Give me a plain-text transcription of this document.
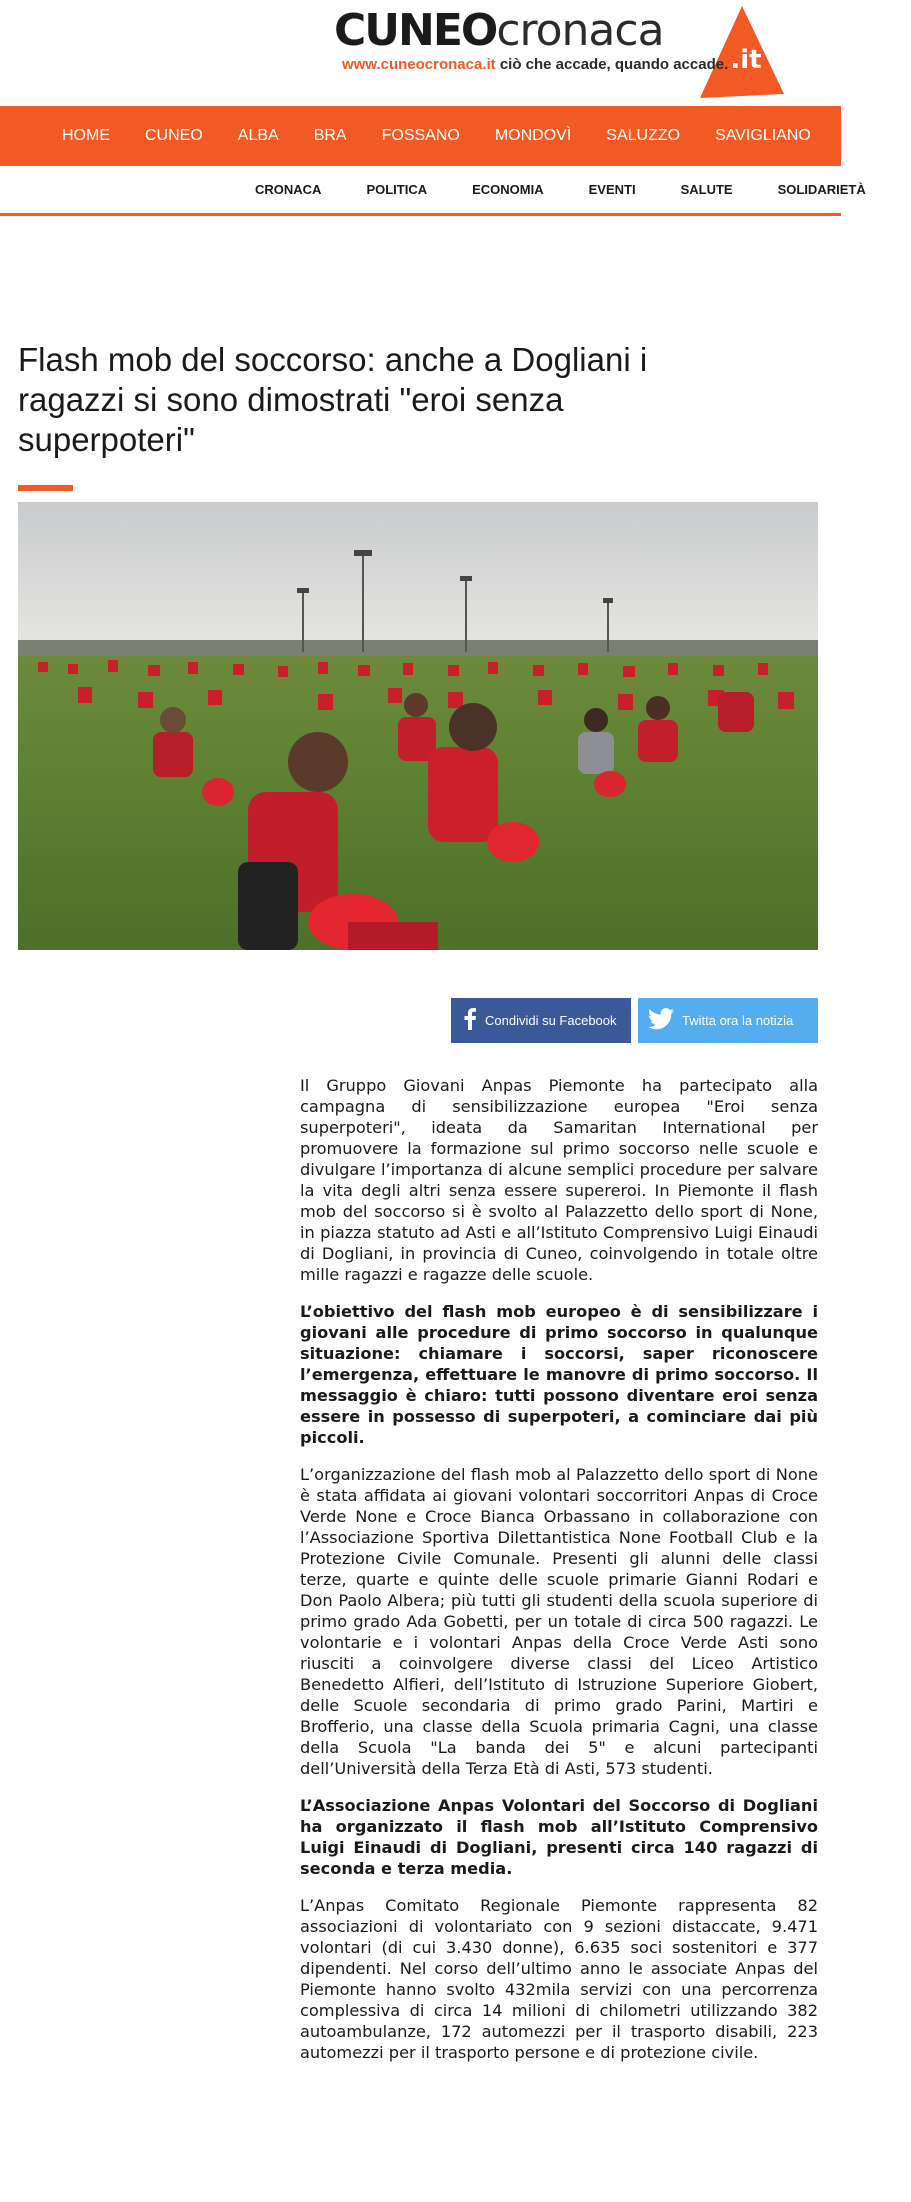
CUNEOcronaca
.it
www.cuneocronaca.it ciò che accade, quando accade.
HOME CUNEO ALBA BRA FOSSANO MONDOVÌ SALUZZO SAVIGLIANO MO
CRONACA	POLITICA	ECONOMIA	EVENTI	SALUTE	SOLIDARIETÀ
Flash mob del soccorso: anche a Dogliani i ragazzi si sono dimostrati "eroi senza superpoteri"
Condividi su Facebook	Twitta ora la notizia

Il Gruppo Giovani Anpas Piemonte ha partecipato alla campagna di sensibilizzazione europea "Eroi senza superpoteri", ideata da Samaritan International per promuovere la formazione sul primo soccorso nelle scuole e divulgare l’importanza di alcune semplici procedure per salvare la vita degli altri senza essere supereroi. In Piemonte il flash mob del soccorso si è svolto al Palazzetto dello sport di None, in piazza statuto ad Asti e all’Istituto Comprensivo Luigi Einaudi di Dogliani, in provincia di Cuneo, coinvolgendo in totale oltre mille ragazzi e ragazze delle scuole.

L’obiettivo del flash mob europeo è di sensibilizzare i giovani alle procedure di primo soccorso in qualunque situazione: chiamare i soccorsi, saper riconoscere l’emergenza, effettuare le manovre di primo soccorso. Il messaggio è chiaro: tutti possono diventare eroi senza essere in possesso di superpoteri, a cominciare dai più piccoli.

L’organizzazione del flash mob al Palazzetto dello sport di None è stata affidata ai giovani volontari soccorritori Anpas di Croce Verde None e Croce Bianca Orbassano in collaborazione con l’Associazione Sportiva Dilettantistica None Football Club e la Protezione Civile Comunale. Presenti gli alunni delle classi terze, quarte e quinte delle scuole primarie Gianni Rodari e Don Paolo Albera; più tutti gli studenti della scuola superiore di primo grado Ada Gobetti, per un totale di circa 500 ragazzi. Le volontarie e i volontari Anpas della Croce Verde Asti sono riusciti a coinvolgere diverse classi del Liceo Artistico Benedetto Alfieri, dell’Istituto di Istruzione Superiore Giobert, delle Scuole secondaria di primo grado Parini, Martiri e Brofferio, una classe della Scuola primaria Cagni, una classe della Scuola "La banda dei 5" e alcuni partecipanti dell’Università della Terza Età di Asti, 573 studenti.

L’Associazione Anpas Volontari del Soccorso di Dogliani ha organizzato il flash mob all’Istituto Comprensivo Luigi Einaudi di Dogliani, presenti circa 140 ragazzi di seconda e terza media.

L’Anpas Comitato Regionale Piemonte rappresenta 82 associazioni di volontariato con 9 sezioni distaccate, 9.471 volontari (di cui 3.430 donne), 6.635 soci sostenitori e 377 dipendenti. Nel corso dell’ultimo anno le associate Anpas del Piemonte hanno svolto 432mila servizi con una percorrenza complessiva di circa 14 milioni di chilometri utilizzando 382 autoambulanze, 172 automezzi per il trasporto disabili, 223 automezzi per il trasporto persone e di protezione civile.
